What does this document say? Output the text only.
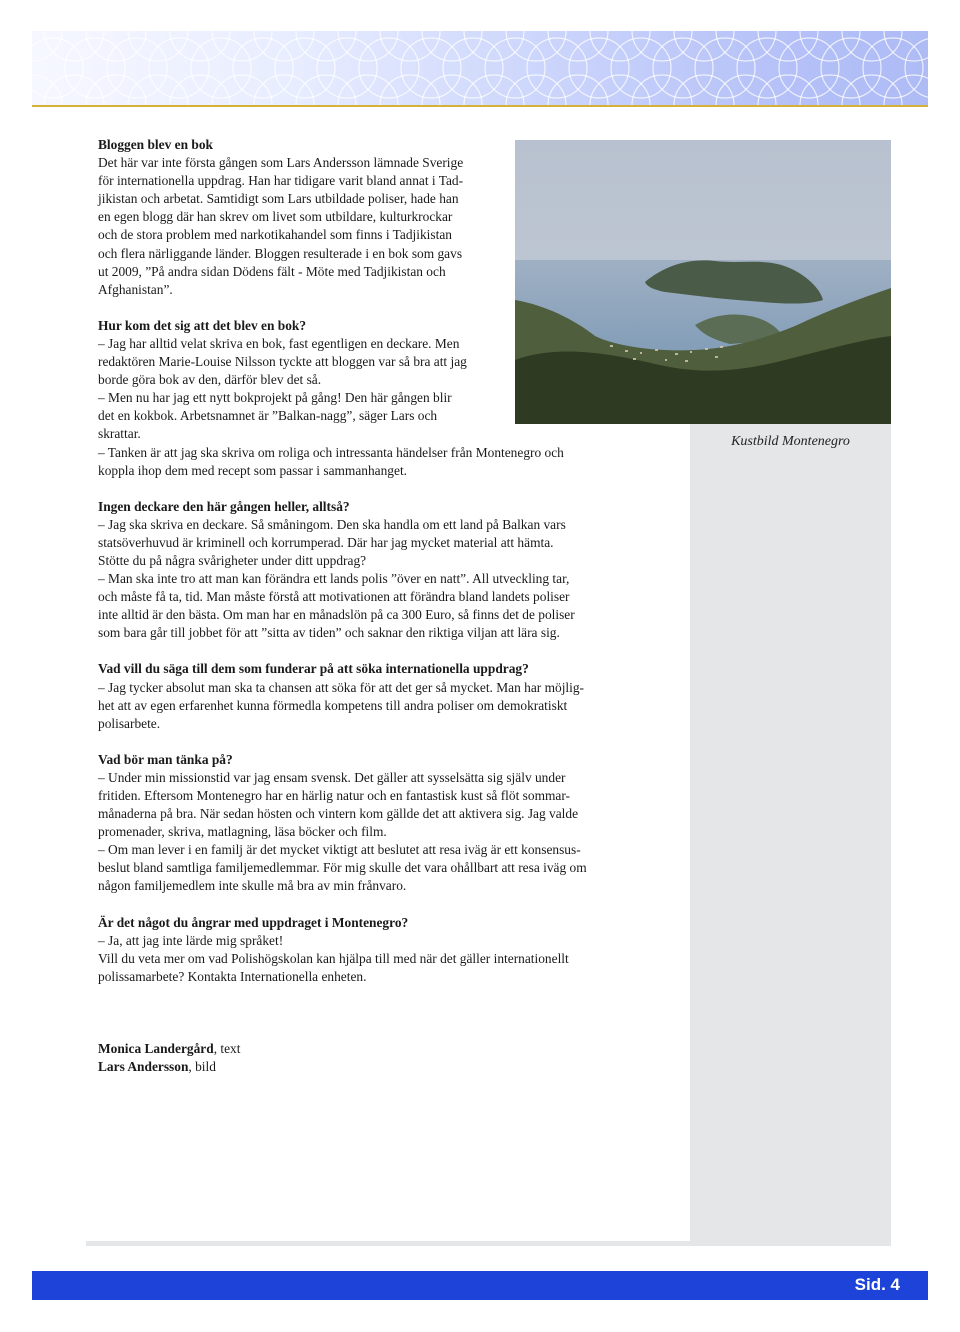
Kustbild Montenegro

Bloggen blev en bok

Det här var inte första gången som Lars Andersson lämnade Sverige

för internationella uppdrag. Han har tidigare varit bland annat i Tad-

jikistan och arbetat. Samtidigt som Lars utbildade poliser, hade han

en egen blogg där han skrev om livet som utbildare, kulturkrockar

och de stora problem med narkotikahandel som finns i Tadjikistan

och flera närliggande länder. Bloggen resulterade i en bok som gavs

ut 2009, ”På andra sidan Dödens fält - Möte med Tadjikistan och

Afghanistan”.

Hur kom det sig att det blev en bok?

– Jag har alltid velat skriva en bok, fast egentligen en deckare. Men

redaktören Marie-Louise Nilsson tyckte att bloggen var så bra att jag

borde göra bok av den, därför blev det så.

– Men nu har jag ett nytt bokprojekt på gång! Den här gången blir

det en kokbok. Arbetsnamnet är ”Balkan-nagg”, säger Lars och

skrattar.

– Tanken är att jag ska skriva om roliga och intressanta händelser från Montenegro och

koppla ihop dem med recept som passar i sammanhanget.

Ingen deckare den här gången heller, alltså?

– Jag ska skriva en deckare. Så småningom. Den ska handla om ett land på Balkan vars

statsöverhuvud är kriminell och korrumperad. Där har jag mycket material att hämta.

Stötte du på några svårigheter under ditt uppdrag?

– Man ska inte tro att man kan förändra ett lands polis ”över en natt”. All utveckling tar,

och måste få ta, tid. Man måste förstå att motivationen att förändra bland landets poliser

inte alltid är den bästa. Om man har en månadslön på ca 300 Euro, så finns det de poliser

som bara går till jobbet för att ”sitta av tiden” och saknar den riktiga viljan att lära sig.

Vad vill du säga till dem som funderar på att söka internationella uppdrag?

– Jag tycker absolut man ska ta chansen att söka för att det ger så mycket. Man har möjlig-

het att av egen erfarenhet kunna förmedla kompetens till andra poliser om demokratiskt

polisarbete.

Vad bör man tänka på?

– Under min missionstid var jag ensam svensk. Det gäller att sysselsätta sig själv under

fritiden. Eftersom Montenegro har en härlig natur och en fantastisk kust så flöt sommar-

månaderna på bra. När sedan hösten och vintern kom gällde det att aktivera sig. Jag valde

promenader, skriva, matlagning, läsa böcker och film.

– Om man lever i en familj är det mycket viktigt att beslutet att resa iväg är ett konsensus-

beslut bland samtliga familjemedlemmar. För mig skulle det vara ohållbart att resa iväg om

någon familjemedlem inte skulle må bra av min frånvaro.

Är det något du ångrar med uppdraget i Montenegro?

– Ja, att jag inte lärde mig språket!

Vill du veta mer om vad Polishögskolan kan hjälpa till med när det gäller internationellt

polissamarbete? Kontakta Internationella enheten.

Monica Landergård, text

Lars Andersson, bild

Sid. 4
